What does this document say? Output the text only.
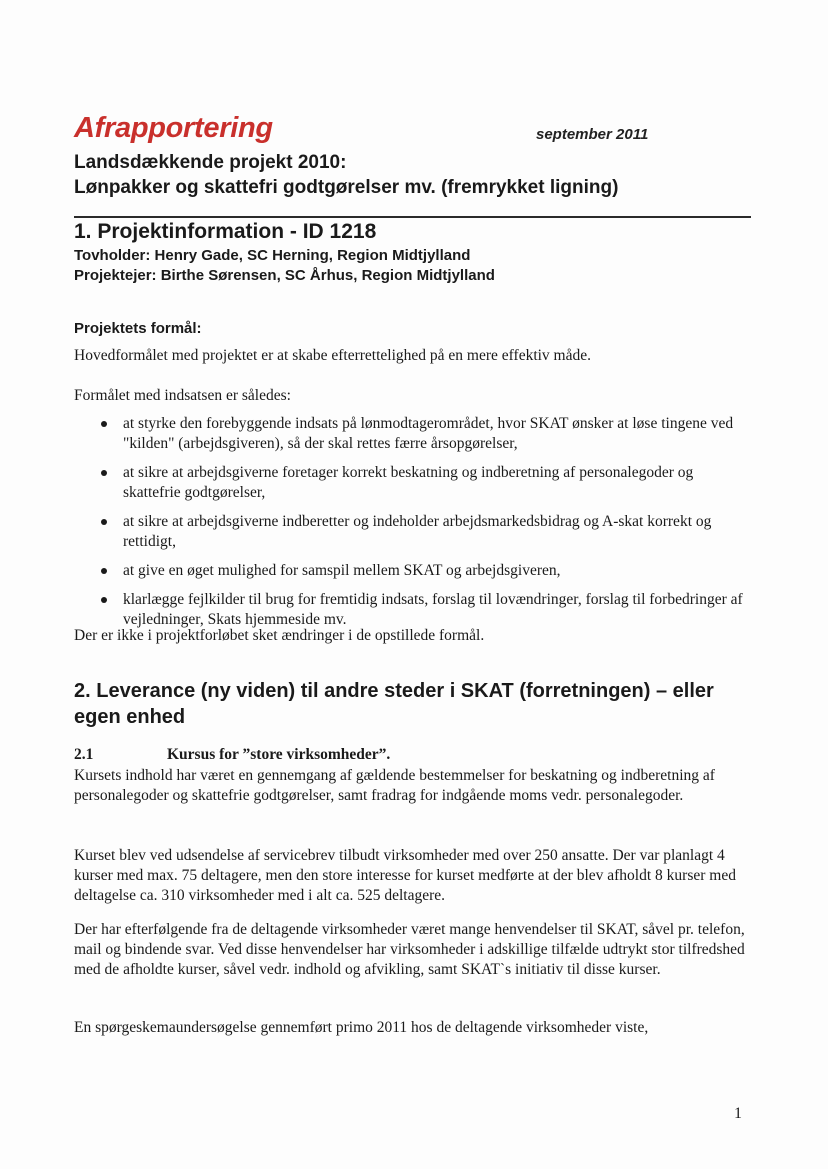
Afrapportering	september 2011
Landsdækkende projekt 2010:
Lønpakker og skattefri godtgørelser mv. (fremrykket ligning)
1. Projektinformation - ID 1218
Tovholder: Henry Gade, SC Herning, Region Midtjylland
Projektejer: Birthe Sørensen, SC Århus, Region Midtjylland
Projektets formål:
Hovedformålet med projektet er at skabe efterrettelighed på en mere effektiv måde.
Formålet med indsatsen er således:
at styrke den forebyggende indsats på lønmodtagerområdet, hvor SKAT ønsker at løse tingene ved "kilden" (arbejdsgiveren), så der skal rettes færre årsopgørelser,
at sikre at arbejdsgiverne foretager korrekt beskatning og indberetning af personalegoder og skattefrie godtgørelser,
at sikre at arbejdsgiverne indberetter og indeholder arbejdsmarkedsbidrag og A-skat korrekt og rettidigt,
at give en øget mulighed for samspil mellem SKAT og arbejdsgiveren,
klarlægge fejlkilder til brug for fremtidig indsats, forslag til lovændringer, forslag til forbedringer af vejledninger, Skats hjemmeside mv.
Der er ikke i projektforløbet sket ændringer i de opstillede formål.
2. Leverance (ny viden) til andre steder i SKAT (forretningen) – eller egen enhed
2.1	Kursus for ”store virksomheder”.
Kursets indhold har været en gennemgang af gældende bestemmelser for beskatning og indberetning af personalegoder og skattefrie godtgørelser, samt fradrag for indgående moms vedr. personalegoder.
Kurset blev ved udsendelse af servicebrev tilbudt virksomheder med over 250 ansatte. Der var planlagt 4 kurser med max. 75 deltagere, men den store interesse for kurset medførte at der blev afholdt 8 kurser med deltagelse ca. 310 virksomheder med i alt ca. 525 deltagere.
Der har efterfølgende fra de deltagende virksomheder været mange henvendelser til SKAT, såvel pr. telefon, mail og bindende svar. Ved disse henvendelser har virksomheder i adskillige tilfælde udtrykt stor tilfredshed med de afholdte kurser, såvel vedr. indhold og afvikling, samt SKAT`s initiativ til disse kurser.
En spørgeskemaundersøgelse gennemført primo 2011 hos de deltagende virksomheder viste,
1
